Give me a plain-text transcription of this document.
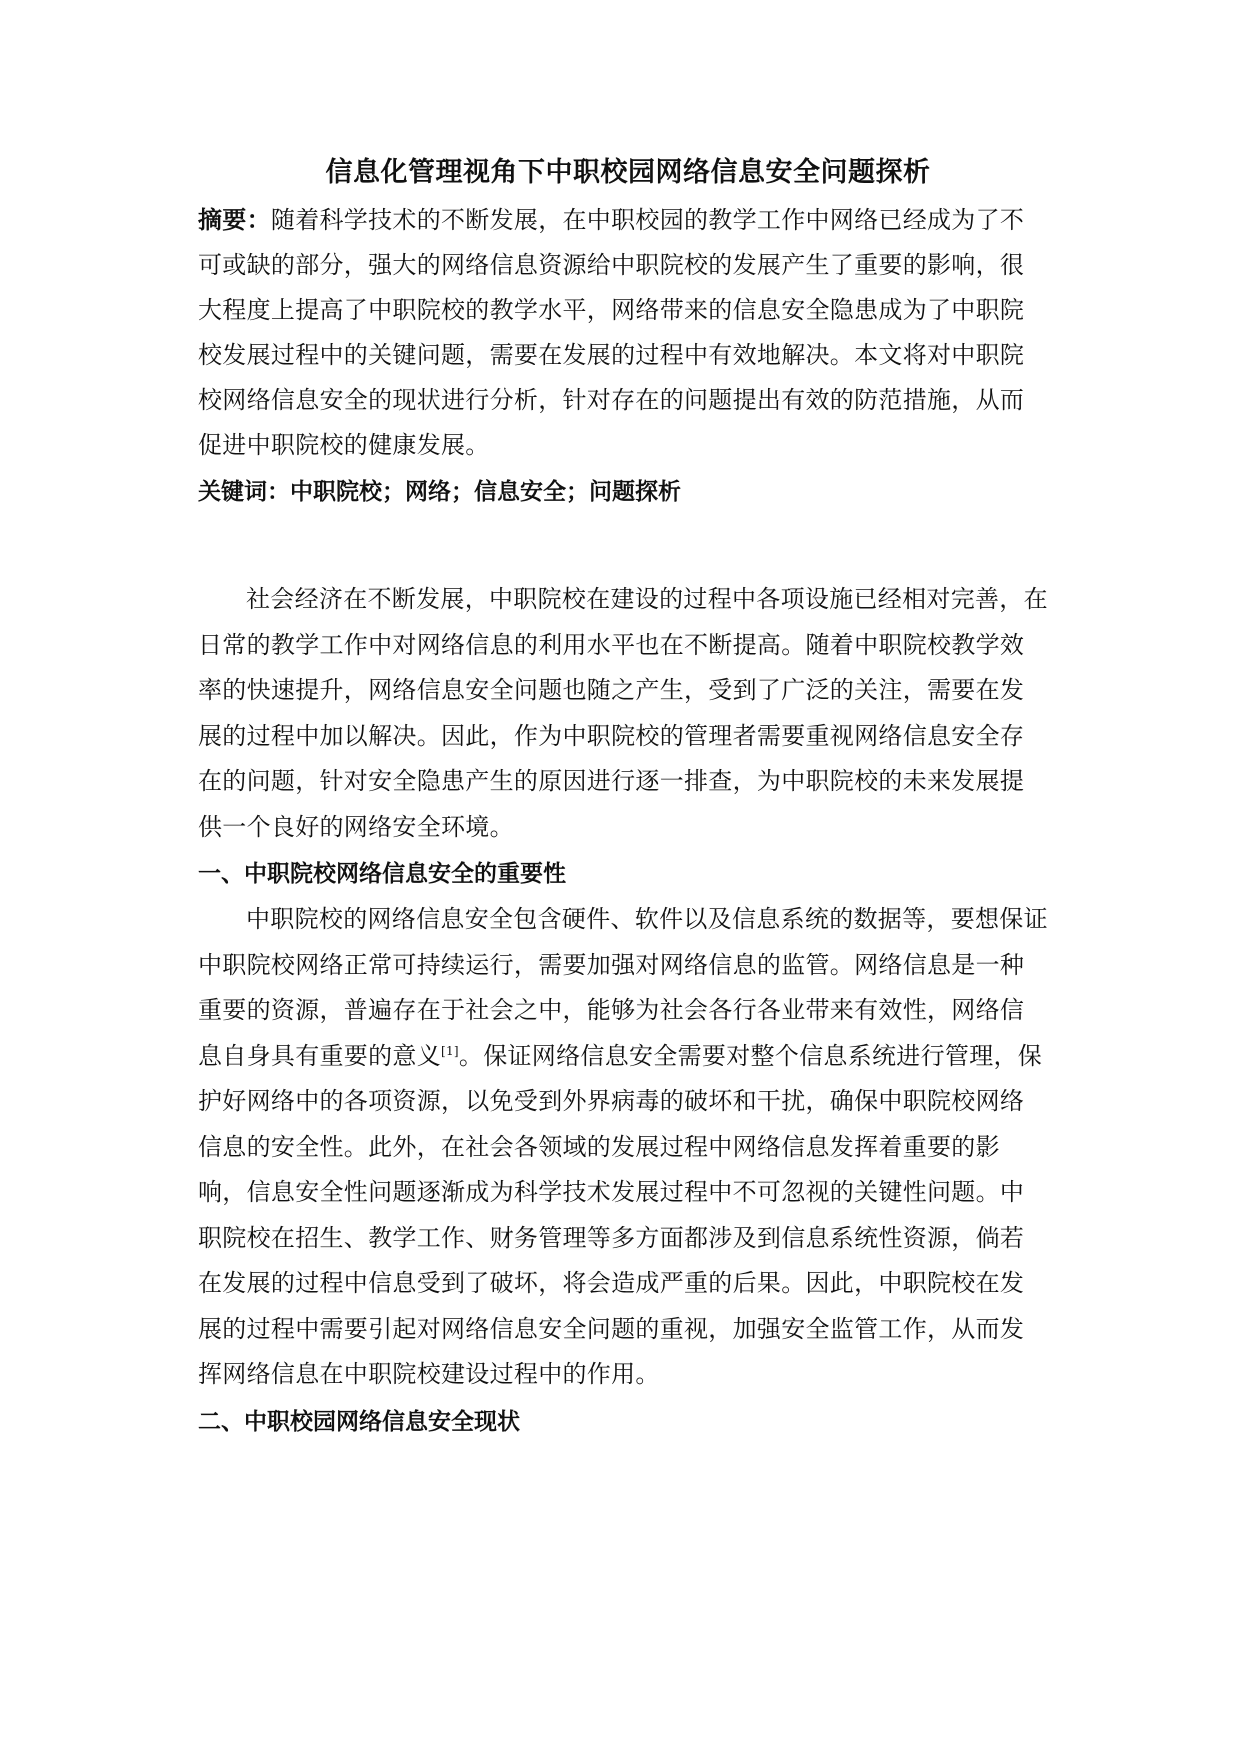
信息化管理视角下中职校园网络信息安全问题探析

摘要：随着科学技术的不断发展，在中职校园的教学工作中网络已经成为了不可或缺的部分，强大的网络信息资源给中职院校的发展产生了重要的影响，很大程度上提高了中职院校的教学水平，网络带来的信息安全隐患成为了中职院校发展过程中的关键问题，需要在发展的过程中有效地解决。本文将对中职院校网络信息安全的现状进行分析，针对存在的问题提出有效的防范措施，从而促进中职院校的健康发展。

关键词：中职院校；网络；信息安全；问题探析

社会经济在不断发展，中职院校在建设的过程中各项设施已经相对完善，在日常的教学工作中对网络信息的利用水平也在不断提高。随着中职院校教学效率的快速提升，网络信息安全问题也随之产生，受到了广泛的关注，需要在发展的过程中加以解决。因此，作为中职院校的管理者需要重视网络信息安全存在的问题，针对安全隐患产生的原因进行逐一排查，为中职院校的未来发展提供一个良好的网络安全环境。

一、中职院校网络信息安全的重要性

中职院校的网络信息安全包含硬件、软件以及信息系统的数据等，要想保证中职院校网络正常可持续运行，需要加强对网络信息的监管。网络信息是一种重要的资源，普遍存在于社会之中，能够为社会各行各业带来有效性，网络信息自身具有重要的意义[1]。保证网络信息安全需要对整个信息系统进行管理，保护好网络中的各项资源，以免受到外界病毒的破坏和干扰，确保中职院校网络信息的安全性。此外，在社会各领域的发展过程中网络信息发挥着重要的影响，信息安全性问题逐渐成为科学技术发展过程中不可忽视的关键性问题。中职院校在招生、教学工作、财务管理等多方面都涉及到信息系统性资源，倘若在发展的过程中信息受到了破坏，将会造成严重的后果。因此，中职院校在发展的过程中需要引起对网络信息安全问题的重视，加强安全监管工作，从而发挥网络信息在中职院校建设过程中的作用。

二、中职校园网络信息安全现状
